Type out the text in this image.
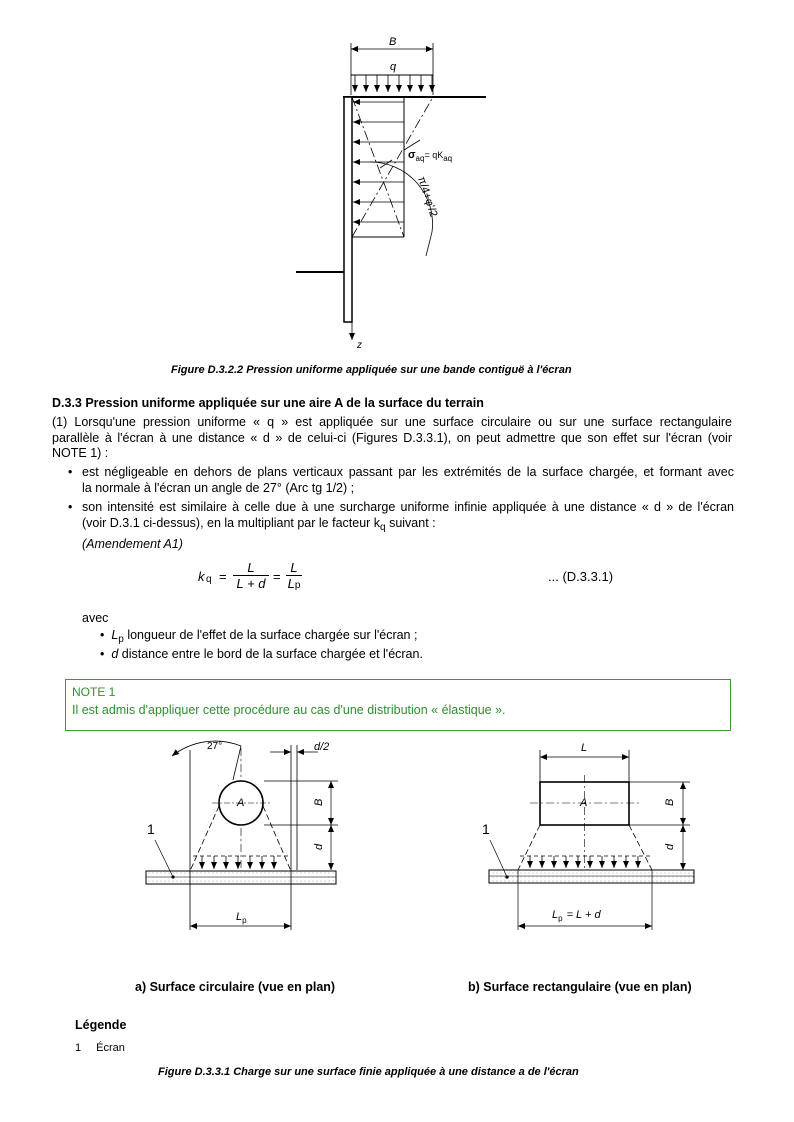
B
q
$\sigma_{aq}^{= qK}_{aq}$
π/4+φ'/2
z
Figure D.3.2.2 Pression uniforme appliquée sur une bande contiguë à l'écran
D.3.3 Pression uniforme appliquée sur une aire A de la surface du terrain
(1) Lorsqu'une pression uniforme « q » est appliquée sur une surface circulaire ou sur une surface rectangulaire
parallèle à l'écran à une distance « d » de celui-ci (Figures D.3.3.1), on peut admettre que son effet sur l'écran (voir
NOTE 1) :
• est négligeable en dehors de plans verticaux passant par les extrémités de la surface chargée, et formant avec
la normale à l'écran un angle de 27° (Arc tg 1/2) ;
• son intensité est similaire à celle due à une surcharge uniforme infinie appliquée à une distance « d » de l'écran
(voir D.3.1 ci-dessus), en la multipliant par le facteur $k_q$ suivant :
(Amendement A1)
k q =
L
L + d =
L
Lp
... (D.3.3.1)
avec
•  $L_p$ longueur de l'effet de la surface chargée sur l'écran ;
•  d distance entre le bord de la surface chargée et l'écran.
NOTE 1
Il est admis d'appliquer cette procédure au cas d'une distribution « élastique ».
A
27°	d/2
B
d
1
$L_p$
L
A	B
d
1
$L_p = L + d$
a) Surface circulaire (vue en plan)	b) Surface rectangulaire (vue en plan)
Légende
1 Écran
Figure D.3.3.1 Charge sur une surface finie appliquée à une distance a de l'écran
